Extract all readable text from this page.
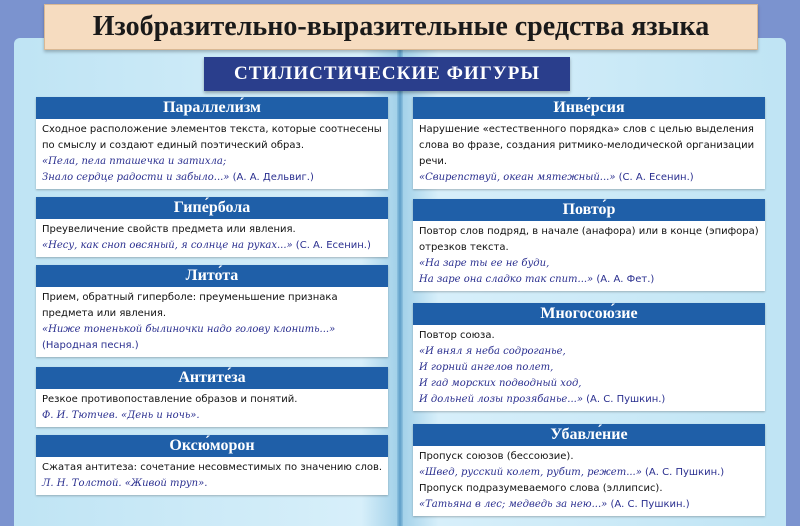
Изобразительно-выразительные средства языка
СТИЛИСТИЧЕСКИЕ ФИГУРЫ
Параллели́зм

Сходное расположение элементов текста, которые соотнесены по смыслу и создают единый поэтический образ.

«Пела, пела пташечка и затихла;
Знало сердце радости и забыло...» (А. А. Дельвиг.)

Гипе́рбола

Преувеличение свойств предмета или явления.

«Несу, как сноп овсяный, я солнце на руках...» (С. А. Есенин.)

Лито́та

Прием, обратный гиперболе: преуменьшение признака предмета или явления.

«Ниже тоненькой былиночки надо голову клонить...»
(Народная песня.)

Антите́за

Резкое противопоставление образов и понятий.

Ф. И. Тютчев. «День и ночь».

Оксю́морон

Сжатая антитеза: сочетание несовместимых по значению слов.

Л. Н. Толстой. «Живой труп».

Инве́рсия

Нарушение «естественного порядка» слов с целью выделения слова во фразе, создания ритмико-мелодической организации речи.

«Свирепствуй, океан мятежный...» (С. А. Есенин.)

Повто́р

Повтор слов подряд, в начале (анафора) или в конце (эпифора) отрезков текста.

«На заре ты ее не буди,
На заре она сладко так спит...» (А. А. Фет.)

Многосою́зие

Повтор союза.

«И внял я неба содроганье,
И горний ангелов полет,
И гад морских подводный ход,
И дольней лозы прозябанье...» (А. С. Пушкин.)

Убавле́ние

Пропуск союзов (бессоюзие).

«Швед, русский колет, рубит, режет...» (А. С. Пушкин.)

Пропуск подразумеваемого слова (эллипсис).

«Татьяна в лес; медведь за нею...» (А. С. Пушкин.)
